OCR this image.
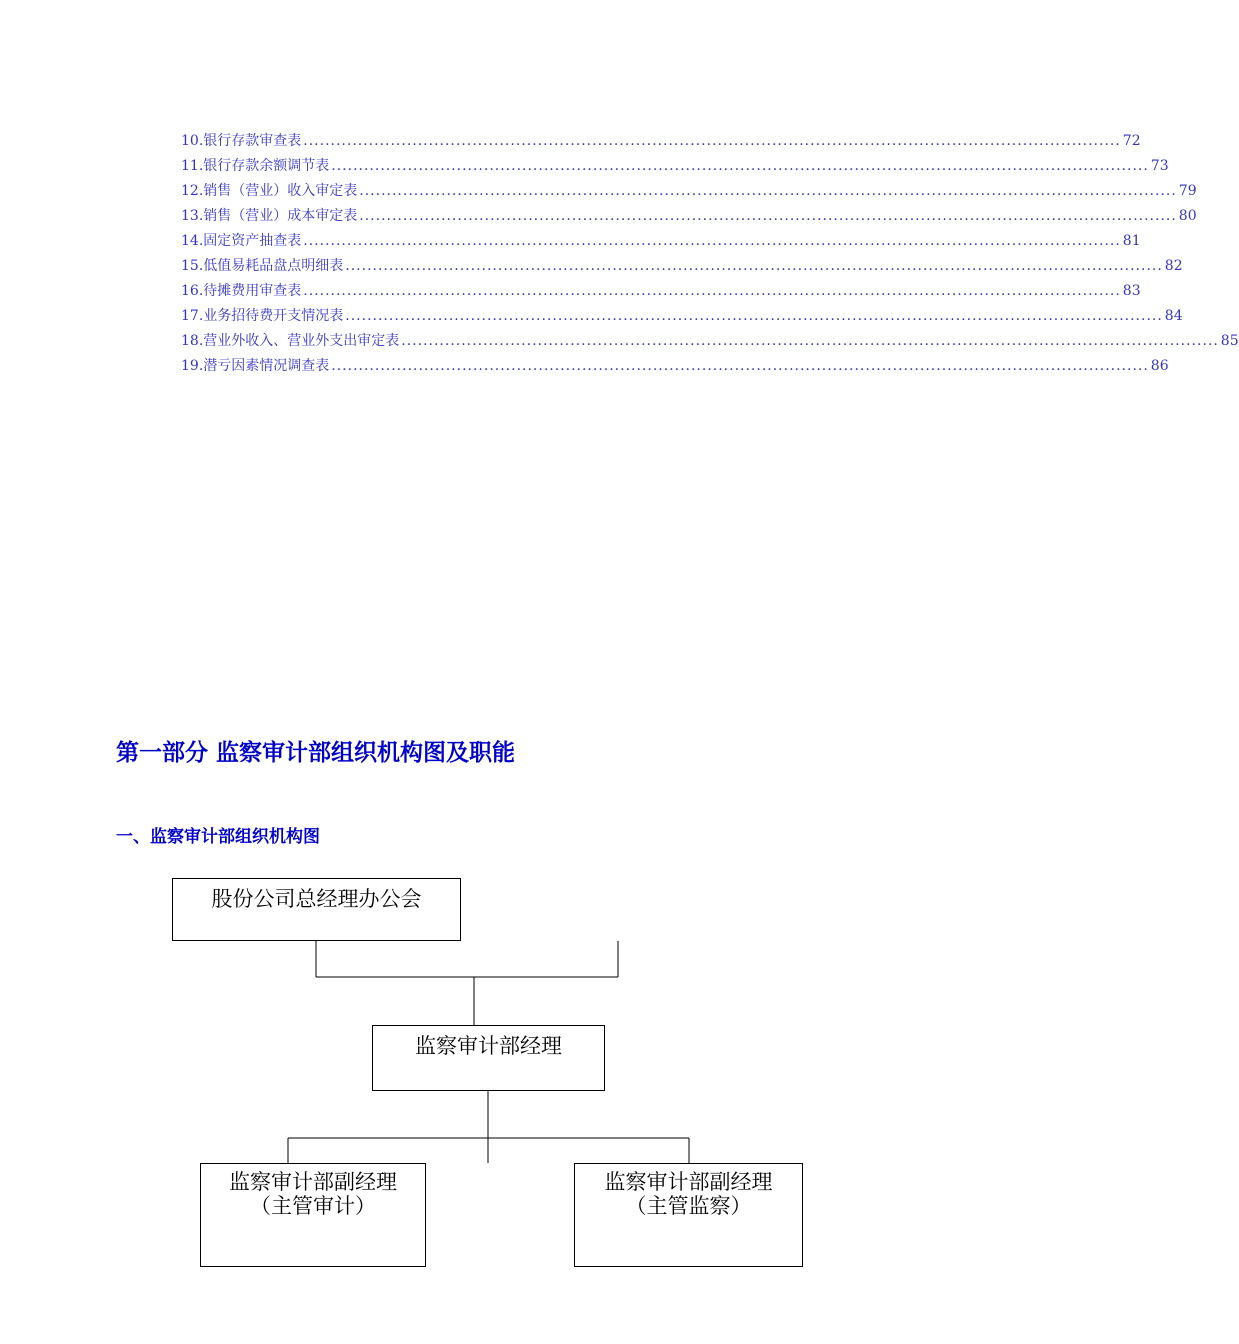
10.银行存款审查表 ...................................................................................................................................................... 72
11.银行存款余额调节表 ...................................................................................................................................................... 73
12.销售（营业）收入审定表 ...................................................................................................................................................... 79
13.销售（营业）成本审定表 ...................................................................................................................................................... 80
14.固定资产抽查表 ...................................................................................................................................................... 81
15.低值易耗品盘点明细表 ...................................................................................................................................................... 82
16.待摊费用审查表 ...................................................................................................................................................... 83
17.业务招待费开支情况表 ...................................................................................................................................................... 84
18.营业外收入、营业外支出审定表 ...................................................................................................................................................... 85
19.潜亏因素情况调查表 ...................................................................................................................................................... 86
第一部分 监察审计部组织机构图及职能
一、监察审计部组织机构图
股份公司总经理办公会
监察审计部经理
监察审计部副经理
（主管审计）
监察审计部副经理
（主管监察）
